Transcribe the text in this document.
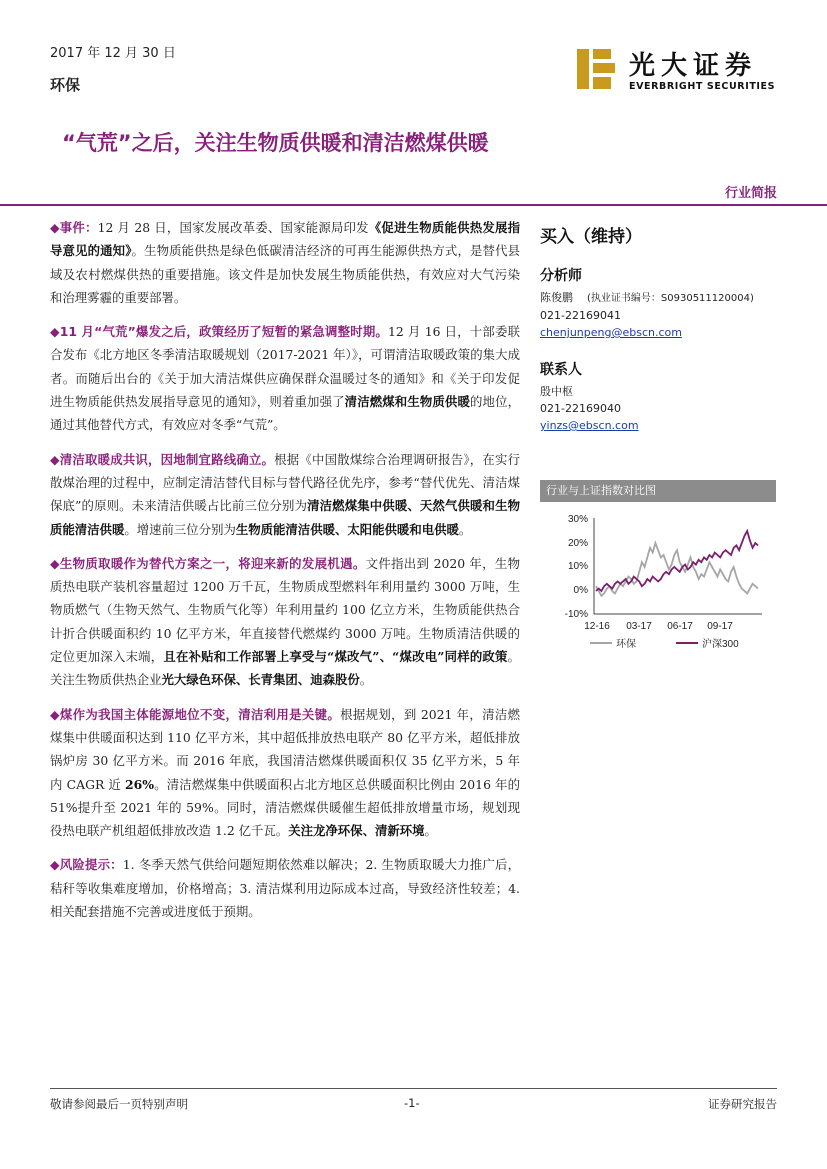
2017 年 12 月 30 日
环保
光大证券
EVERBRIGHT SECURITIES
“气荒”之后，关注生物质供暖和清洁燃煤供暖
行业简报

◆事件：12 月 28 日，国家发展改革委、国家能源局印发《促进生物质能供热发展指导意见的通知》。生物质能供热是绿色低碳清洁经济的可再生能源供热方式，是替代县域及农村燃煤供热的重要措施。该文件是加快发展生物质能供热，有效应对大气污染和治理雾霾的重要部署。

◆11 月“气荒”爆发之后，政策经历了短暂的紧急调整时期。12 月 16 日，十部委联合发布《北方地区冬季清洁取暖规划（2017-2021 年）》，可谓清洁取暖政策的集大成者。而随后出台的《关于加大清洁煤供应确保群众温暖过冬的通知》和《关于印发促进生物质能供热发展指导意见的通知》，则着重加强了清洁燃煤和生物质供暖的地位，通过其他替代方式，有效应对冬季“气荒”。

◆清洁取暖成共识，因地制宜路线确立。根据《中国散煤综合治理调研报告》，在实行散煤治理的过程中，应制定清洁替代目标与替代路径优先序，参考“替代优先、清洁煤保底”的原则。未来清洁供暖占比前三位分别为清洁燃煤集中供暖、天然气供暖和生物质能清洁供暖。增速前三位分别为生物质能清洁供暖、太阳能供暖和电供暖。

◆生物质取暖作为替代方案之一，将迎来新的发展机遇。文件指出到 2020 年，生物质热电联产装机容量超过 1200 万千瓦，生物质成型燃料年利用量约 3000 万吨，生物质燃气（生物天然气、生物质气化等）年利用量约 100 亿立方米，生物质能供热合计折合供暖面积约 10 亿平方米，年直接替代燃煤约 3000 万吨。生物质清洁供暖的定位更加深入末端，且在补贴和工作部署上享受与“煤改气”、“煤改电”同样的政策。关注生物质供热企业光大绿色环保、长青集团、迪森股份。

◆煤作为我国主体能源地位不变，清洁利用是关键。根据规划，到 2021 年，清洁燃煤集中供暖面积达到 110 亿平方米，其中超低排放热电联产 80 亿平方米，超低排放锅炉房 30 亿平方米。而 2016 年底，我国清洁燃煤供暖面积仅 35 亿平方米，5 年内 CAGR 近 26%。清洁燃煤集中供暖面积占北方地区总供暖面积比例由 2016 年的 51%提升至 2021 年的 59%。同时，清洁燃煤供暖催生超低排放增量市场，规划现役热电联产机组超低排放改造 1.2 亿千瓦。关注龙净环保、清新环境。

◆风险提示：1. 冬季天然气供给问题短期依然难以解决；2. 生物质取暖大力推广后，秸秆等收集难度增加，价格增高；3. 清洁煤利用边际成本过高，导致经济性较差；4. 相关配套措施不完善或进度低于预期。

买入（维持）
分析师
陈俊鹏 (执业证书编号：S0930511120004)
021-22169041
chenjunpeng@ebscn.com
联系人
殷中枢
021-22169040
yinzs@ebscn.com
行业与上证指数对比图
30%
20%
10%
0%
-10%
12-16 03-17 06-17 09-17
环保	沪深300
敬请参阅最后一页特别声明	-1-	证券研究报告
